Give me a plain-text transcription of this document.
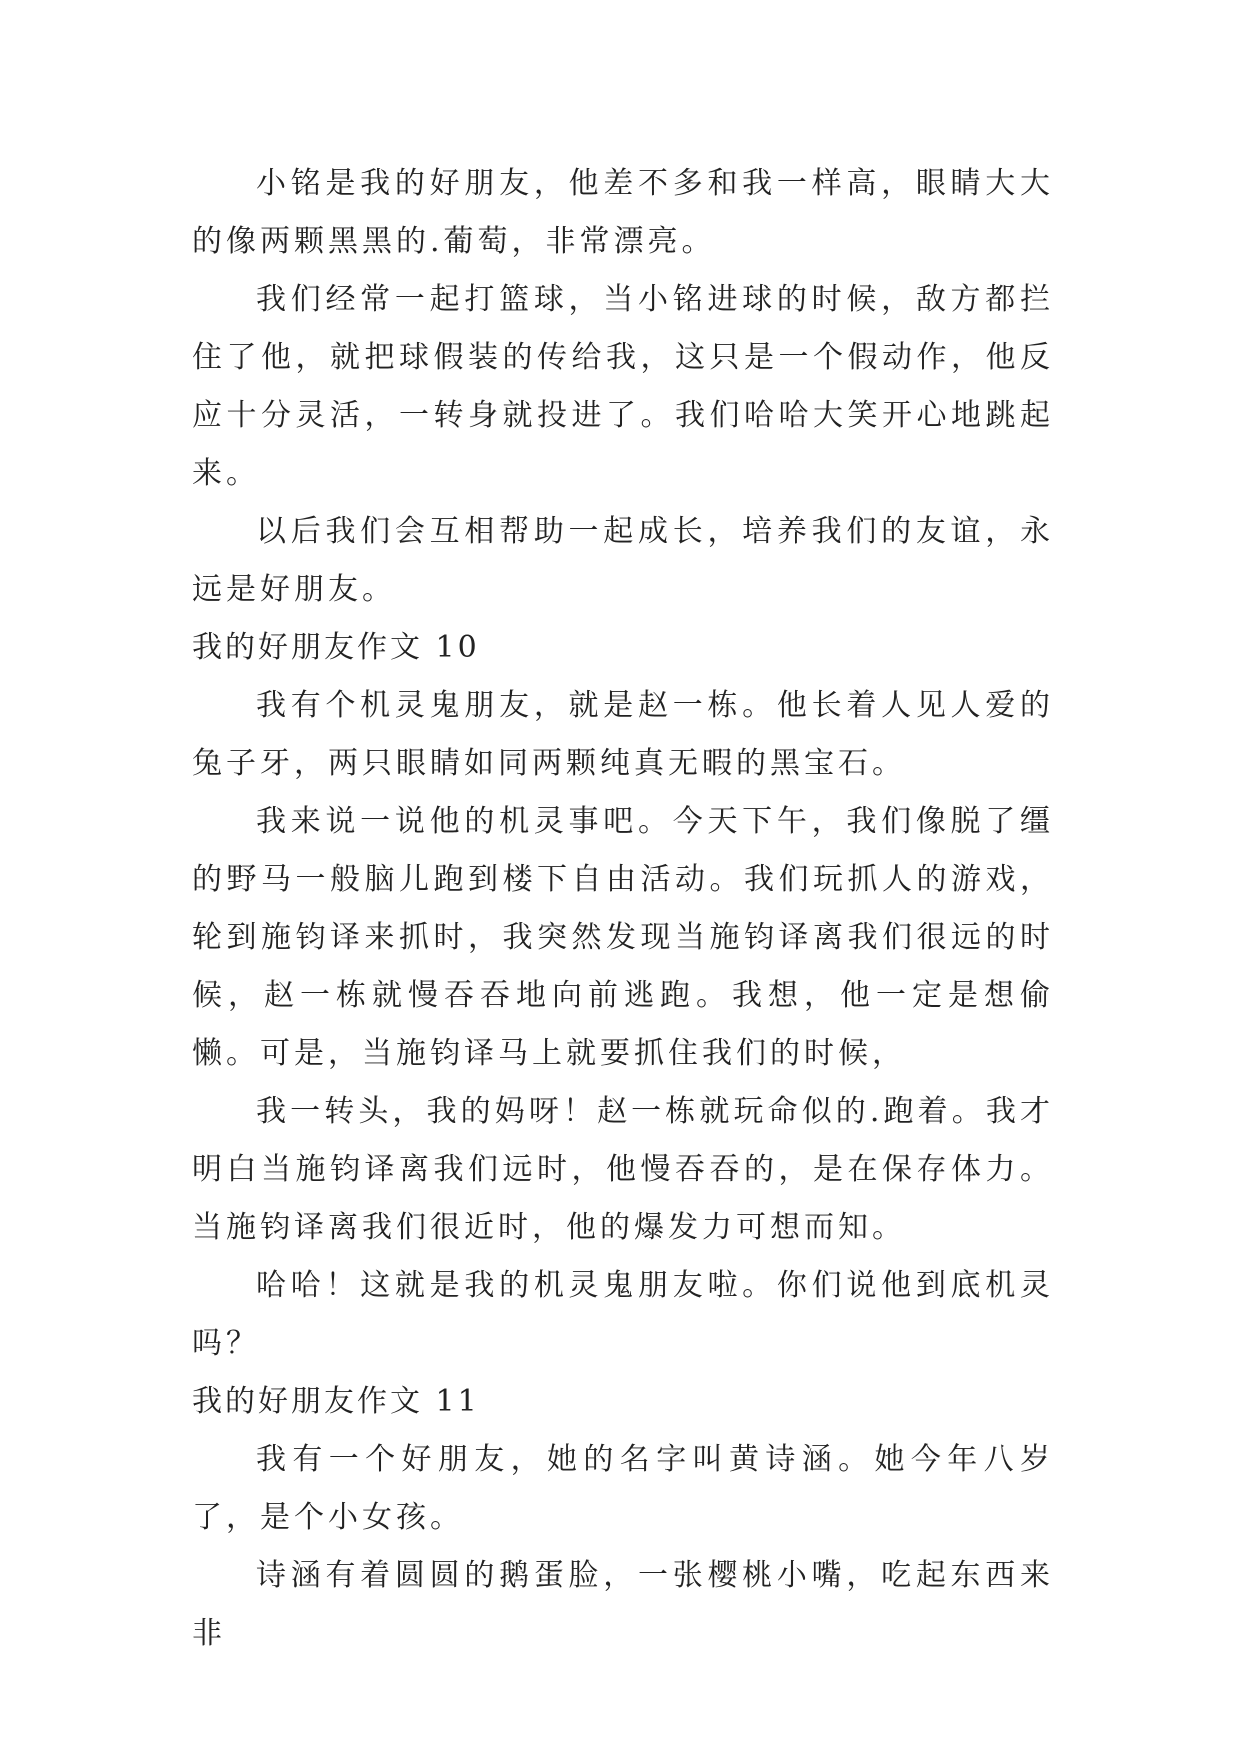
小铭是我的好朋友，他差不多和我一样高，眼睛大大的像两颗黑黑的.葡萄，非常漂亮。

我们经常一起打篮球，当小铭进球的时候，敌方都拦住了他，就把球假装的传给我，这只是一个假动作，他反应十分灵活，一转身就投进了。我们哈哈大笑开心地跳起来。

以后我们会互相帮助一起成长，培养我们的友谊，永远是好朋友。

我的好朋友作文 10

我有个机灵鬼朋友，就是赵一栋。他长着人见人爱的兔子牙，两只眼睛如同两颗纯真无暇的黑宝石。

我来说一说他的机灵事吧。今天下午，我们像脱了缰的野马一般脑儿跑到楼下自由活动。我们玩抓人的游戏，轮到施钧译来抓时，我突然发现当施钧译离我们很远的时候，赵一栋就慢吞吞地向前逃跑。我想，他一定是想偷懒。可是，当施钧译马上就要抓住我们的时候，

我一转头，我的妈呀！赵一栋就玩命似的.跑着。我才明白当施钧译离我们远时，他慢吞吞的，是在保存体力。当施钧译离我们很近时，他的爆发力可想而知。

哈哈！这就是我的机灵鬼朋友啦。你们说他到底机灵吗？

我的好朋友作文 11

我有一个好朋友，她的名字叫黄诗涵。她今年八岁了，是个小女孩。

诗涵有着圆圆的鹅蛋脸，一张樱桃小嘴，吃起东西来非
